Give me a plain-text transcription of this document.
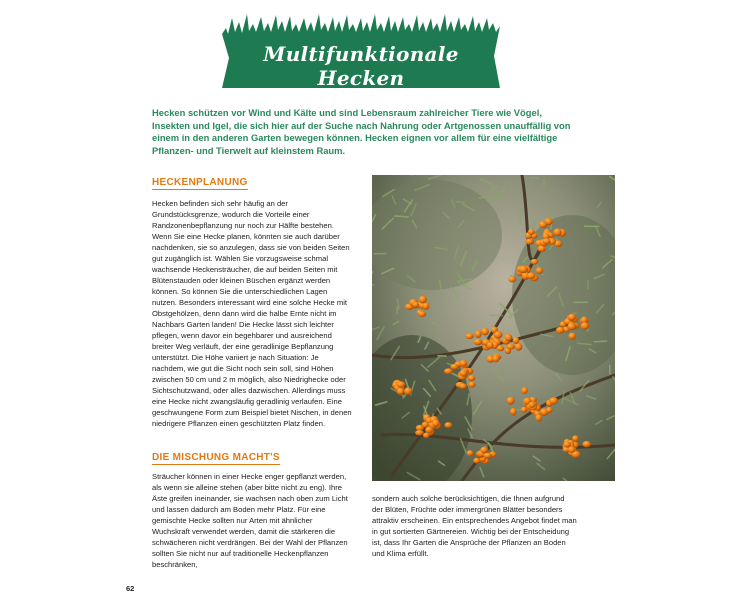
Multifunktionale Hecken

Hecken schützen vor Wind und Kälte und sind Lebensraum zahlreicher Tiere wie Vögel, Insekten und Igel, die sich hier auf der Suche nach Nahrung oder Artgenossen unauffällig von einem in den anderen Garten bewegen können. Hecken eignen vor allem für eine vielfältige Pflanzen- und Tierwelt auf kleinstem Raum.

HECKENPLANUNG

Hecken befinden sich sehr häufig an der Grundstücksgrenze, wodurch die Vorteile einer Randzonenbepflanzung nur noch zur Hälfte bestehen. Wenn Sie eine Hecke planen, könnten sie auch darüber nachdenken, sie so anzulegen, dass sie von beiden Seiten gut zugänglich ist. Wählen Sie vorzugsweise schmal wachsende Heckensträucher, die auf beiden Seiten mit Blütenstauden oder kleinen Büschen ergänzt werden können. So können Sie die unterschiedlichen Lagen nutzen. Besonders interessant wird eine solche Hecke mit Obstgehölzen, denn dann wird die halbe Ernte nicht im Nachbars Garten landen! Die Hecke lässt sich leichter pflegen, wenn davor ein begehbarer und ausreichend breiter Weg verläuft, der eine geradlinige Bepflanzung unterstützt. Die Höhe variiert je nach Situation: Je nachdem, wie gut die Sicht noch sein soll, sind Höhen zwischen 50 cm und 2 m möglich, also Niedrighecke oder Sichtschutzwand, oder alles dazwischen. Allerdings muss eine Hecke nicht zwangsläufig geradlinig verlaufen. Eine geschwungene Form zum Beispiel bietet Nischen, in denen niedrigere Pflanzen einen geschützten Platz finden.

DIE MISCHUNG MACHT'S

Sträucher können in einer Hecke enger gepflanzt werden, als wenn sie alleine stehen (aber bitte nicht zu eng). Ihre Äste greifen ineinander, sie wachsen nach oben zum Licht und lassen dadurch am Boden mehr Platz. Für eine gemischte Hecke sollten nur Arten mit ähnlicher Wuchskraft verwendet werden, damit die stärkeren die schwächeren nicht verdrängen. Bei der Wahl der Pflanzen sollten Sie nicht nur auf traditionelle Heckenpflanzen beschränken,

sondern auch solche berücksichtigen, die Ihnen aufgrund der Blüten, Früchte oder immergrünen Blätter besonders attraktiv erscheinen. Ein entsprechendes Angebot findet man in gut sortierten Gärtnereien. Wichtig bei der Entscheidung ist, dass Ihr Garten die Ansprüche der Pflanzen an Boden und Klima erfüllt.

62
